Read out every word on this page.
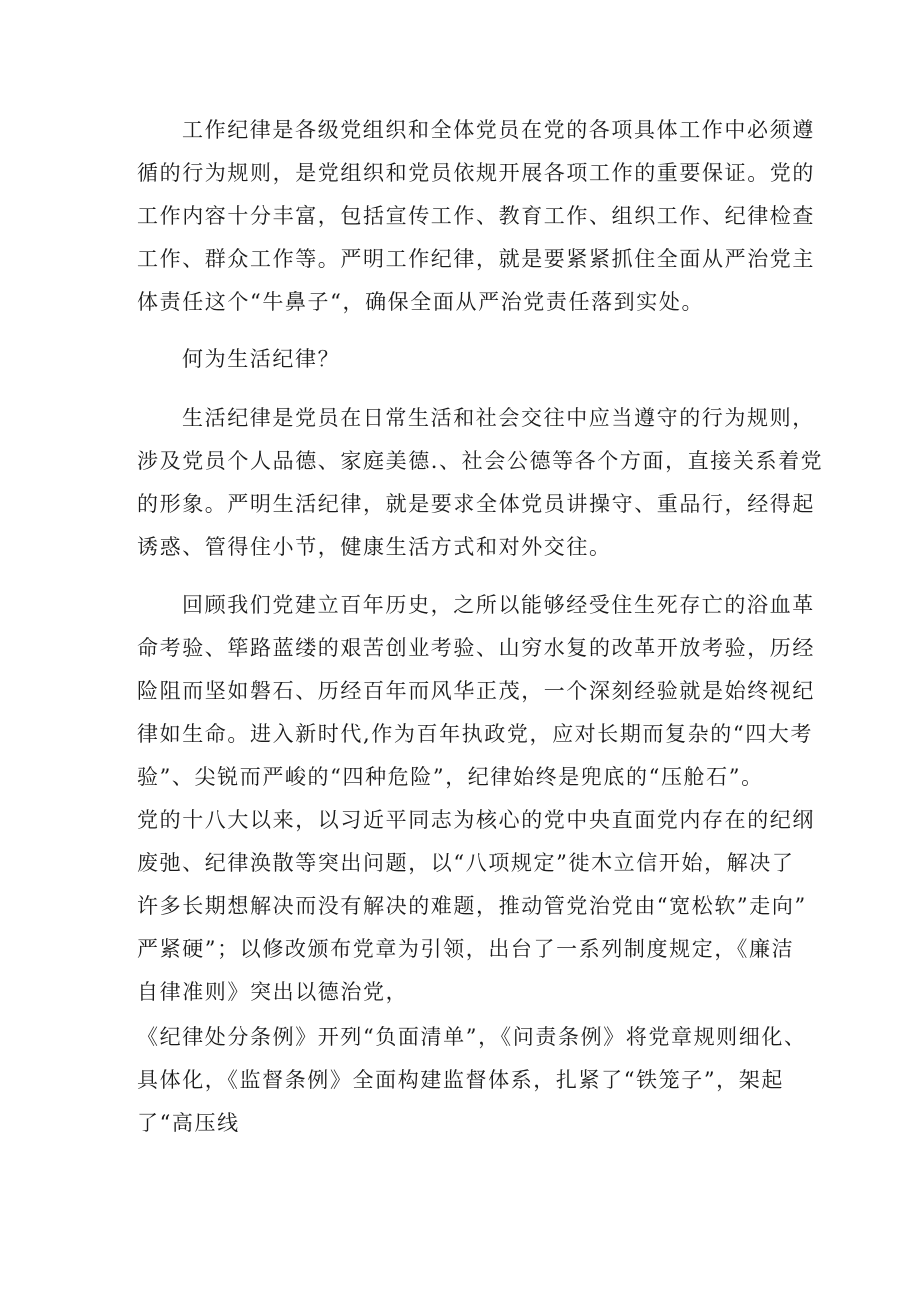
工作纪律是各级党组织和全体党员在党的各项具体工作中必须遵
循的行为规则，是党组织和党员依规开展各项工作的重要保证。党的
工作内容十分丰富，包括宣传工作、教育工作、组织工作、纪律检查
工作、群众工作等。严明工作纪律，就是要紧紧抓住全面从严治党主
体责任这个“牛鼻子“，确保全面从严治党责任落到实处。
何为生活纪律？
生活纪律是党员在日常生活和社会交往中应当遵守的行为规则，
涉及党员个人品德、家庭美德.、社会公德等各个方面，直接关系着党
的形象。严明生活纪律，就是要求全体党员讲操守、重品行，经得起
诱惑、管得住小节，健康生活方式和对外交往。
回顾我们党建立百年历史，之所以能够经受住生死存亡的浴血革
命考验、筚路蓝缕的艰苦创业考验、山穷水复的改革开放考验，历经
险阻而坚如磐石、历经百年而风华正茂，一个深刻经验就是始终视纪
律如生命。进入新时代,作为百年执政党，应对长期而复杂的“四大考
验”、尖锐而严峻的“四种危险”，纪律始终是兜底的“压舱石”。
党的十八大以来，以习近平同志为核心的党中央直面党内存在的纪纲
废弛、纪律涣散等突出问题，以“八项规定”徙木立信开始，解决了
许多长期想解决而没有解决的难题，推动管党治党由“宽松软”走向”
严紧硬”；以修改颁布党章为引领，出台了一系列制度规定，《廉洁
自律准则》突出以德治党，
《纪律处分条例》开列“负面清单”，《问责条例》将党章规则细化、
具体化，《监督条例》全面构建监督体系，扎紧了“铁笼子”，架起
了“高压线
